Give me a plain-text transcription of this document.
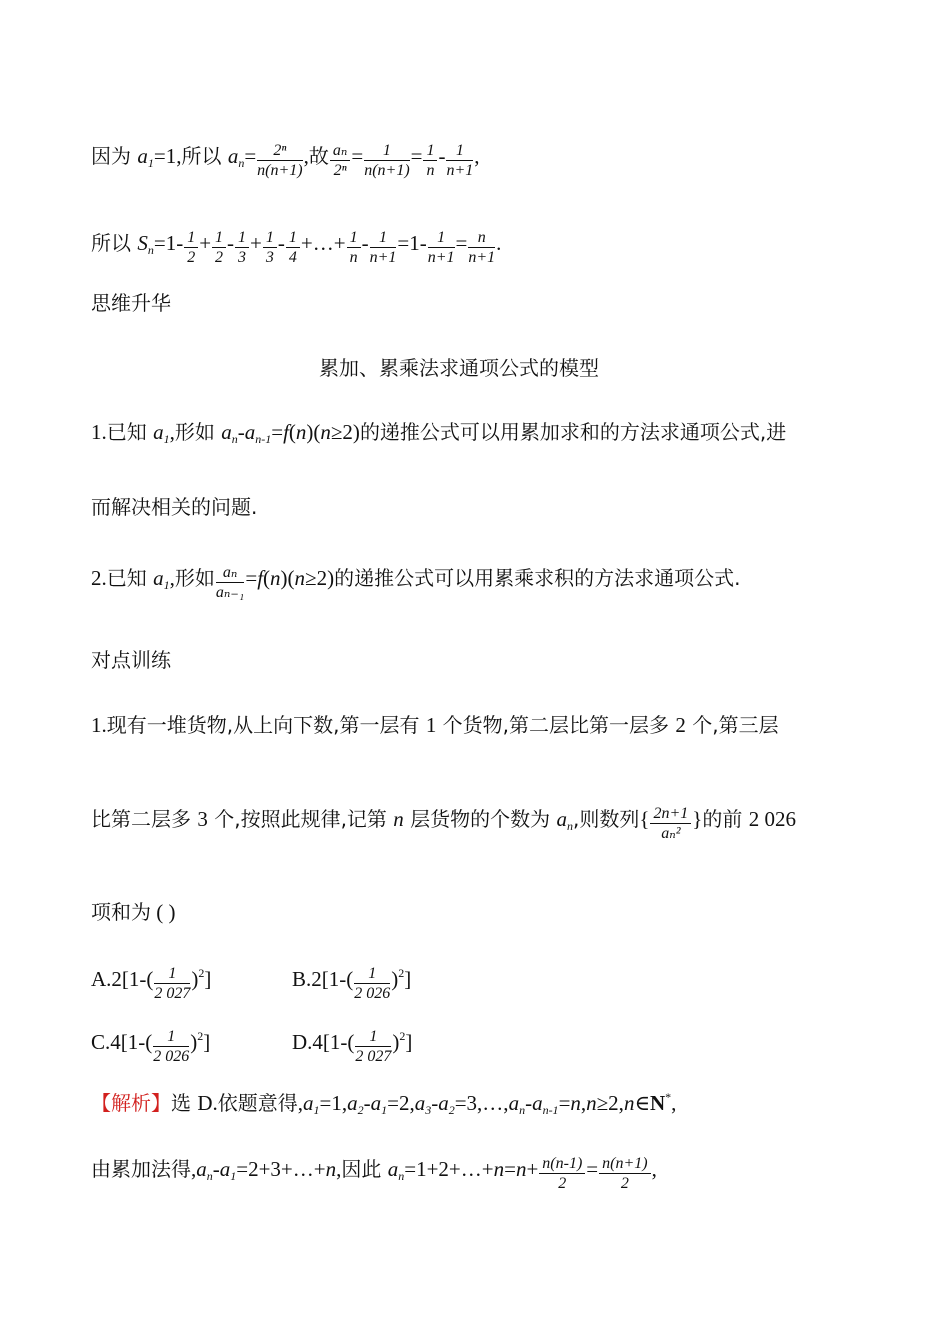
因为 a1=1,所以 $an= \frac{\text{2ⁿ}}{n(n+1)}$ ,故 $\frac{\text{aₙ}}{\text{2ⁿ}} = \frac{1}{n(n+1)} = \frac{1}{n} - \frac{1}{n+1}$ ,
所以 $Sn=1- \frac{1}{2} + \frac{1}{2} - \frac{1}{3} + \frac{1}{3} - \frac{1}{4}$ +…+ $\frac{1}{n} - \frac{1}{n+1} =1- \frac{1}{n+1} = \frac{n}{n+1}$ .
思维升华
累加、累乘法求通项公式的模型
1.已知 a1,形如 an-an-1=f(n)(n≥2)的递推公式可以用累加求和的方法求通项公式,进
而解决相关的问题.
2.已知 a1,形如 $\frac{\text{aₙ}}{\text{aₙ₋₁}} =f(n)(n\ge 2)$的递推公式可以用累乘求积的方法求通项公式.
对点训练
1.现有一堆货物,从上向下数,第一层有 1 个货物,第二层比第一层多 2 个,第三层
比第二层多 3 个,按照此规律,记第 n 层货物的个数为 an,则数列{ $\frac{2n+1}{\text{aₙ²}}$ }的前 2 026
项和为 ( )
$A.2[1-( \frac{1}{2 027} )^2]$	$B.2[1-( \frac{1}{2 026} )^2]$
$C.4[1-( \frac{1}{2 026} )^2]$	$D.4[1-( \frac{1}{2 027} )^2]$
【解析】选 D.依题意得,a1=1,a2-a1=2,a3-a2=3,…,an-an-1=n,n≥2,n∈N*,
由累加法得,an-a1=2+3+…+n,因此 an=1+2+…+n=n+ $\frac{n(n-1)}{2} = \frac{n(n+1)}{2}$ ,
